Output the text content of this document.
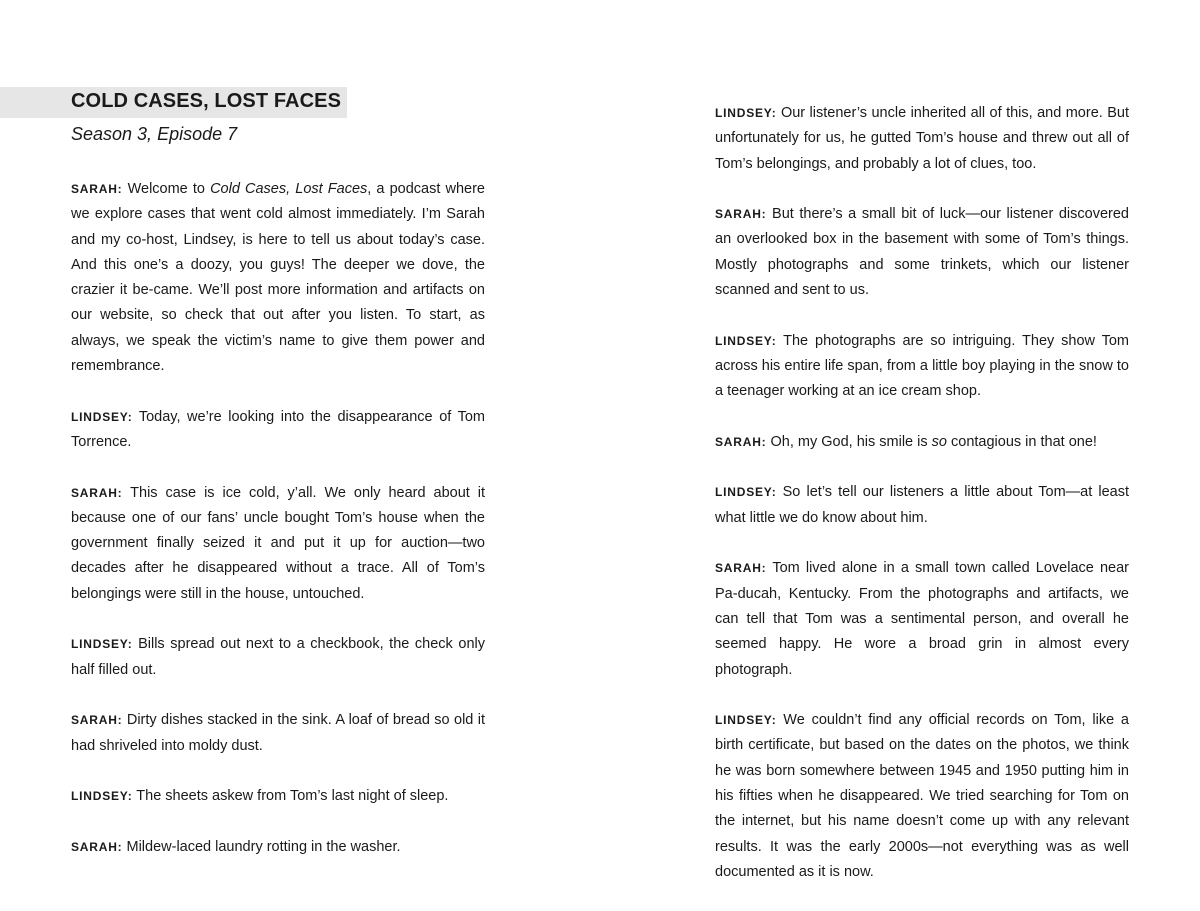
COLD CASES, LOST FACES
Season 3, Episode 7

SARAH: Welcome to Cold Cases, Lost Faces, a podcast where we explore cases that went cold almost immediately. I’m Sarah and my co-host, Lindsey, is here to tell us about today’s case. And this one’s a doozy, you guys! The deeper we dove, the crazier it be-came. We’ll post more information and artifacts on our website, so check that out after you listen. To start, as always, we speak the victim’s name to give them power and remembrance.

LINDSEY: Today, we’re looking into the disappearance of Tom Torrence.

SARAH: This case is ice cold, y’all. We only heard about it because one of our fans’ uncle bought Tom’s house when the government finally seized it and put it up for auction—two decades after he disappeared without a trace. All of Tom’s belongings were still in the house, untouched.

LINDSEY: Bills spread out next to a checkbook, the check only half filled out.

SARAH: Dirty dishes stacked in the sink. A loaf of bread so old it had shriveled into moldy dust.

LINDSEY: The sheets askew from Tom’s last night of sleep.

SARAH: Mildew-laced laundry rotting in the washer.

LINDSEY: Our listener’s uncle inherited all of this, and more. But unfortunately for us, he gutted Tom’s house and threw out all of Tom’s belongings, and probably a lot of clues, too.

SARAH: But there’s a small bit of luck—our listener discovered an overlooked box in the basement with some of Tom’s things. Mostly photographs and some trinkets, which our listener scanned and sent to us.

LINDSEY: The photographs are so intriguing. They show Tom across his entire life span, from a little boy playing in the snow to a teenager working at an ice cream shop.

SARAH: Oh, my God, his smile is so contagious in that one!

LINDSEY: So let’s tell our listeners a little about Tom—at least what little we do know about him.

SARAH: Tom lived alone in a small town called Lovelace near Pa-ducah, Kentucky. From the photographs and artifacts, we can tell that Tom was a sentimental person, and overall he seemed happy. He wore a broad grin in almost every photograph.

LINDSEY: We couldn’t find any official records on Tom, like a birth certificate, but based on the dates on the photos, we think he was born somewhere between 1945 and 1950 putting him in his fifties when he disappeared. We tried searching for Tom on the internet, but his name doesn’t come up with any relevant results. It was the early 2000s—not everything was as well documented as it is now.
